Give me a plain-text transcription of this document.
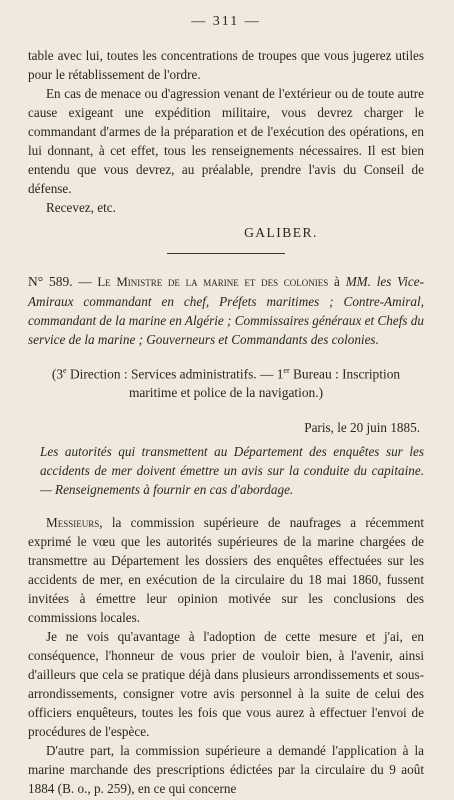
— 311 —

table avec lui, toutes les concentrations de troupes que vous jugerez utiles pour le rétablissement de l'ordre.

En cas de menace ou d'agression venant de l'extérieur ou de toute autre cause exigeant une expédition militaire, vous devrez charger le commandant d'armes de la préparation et de l'exécution des opérations, en lui donnant, à cet effet, tous les renseignements nécessaires. Il est bien entendu que vous devrez, au préalable, prendre l'avis du Conseil de défense.

Recevez, etc.

GALIBER.

N° 589. — Le Ministre de la marine et des colonies à MM. les Vice-Amiraux commandant en chef, Préfets maritimes ; Contre-Amiral, commandant de la marine en Algérie ; Commissaires généraux et Chefs du service de la marine ; Gouverneurs et Commandants des colonies.

(3e Direction : Services administratifs. — 1er Bureau : Inscription maritime et police de la navigation.)
Paris, le 20 juin 1885.

Les autorités qui transmettent au Département des enquêtes sur les accidents de mer doivent émettre un avis sur la conduite du capitaine. — Renseignements à fournir en cas d'abordage.

Messieurs, la commission supérieure de naufrages a récemment exprimé le vœu que les autorités supérieures de la marine chargées de transmettre au Département les dossiers des enquêtes effectuées sur les accidents de mer, en exécution de la circulaire du 18 mai 1860, fussent invitées à émettre leur opinion motivée sur les conclusions des commissions locales.

Je ne vois qu'avantage à l'adoption de cette mesure et j'ai, en conséquence, l'honneur de vous prier de vouloir bien, à l'avenir, ainsi d'ailleurs que cela se pratique déjà dans plusieurs arrondissements et sous-arrondissements, consigner votre avis personnel à la suite de celui des officiers enquêteurs, toutes les fois que vous aurez à effectuer l'envoi de procédures de l'espèce.

D'autre part, la commission supérieure a demandé l'application à la marine marchande des prescriptions édictées par la circulaire du 9 août 1884 (B. o., p. 259), en ce qui concerne
